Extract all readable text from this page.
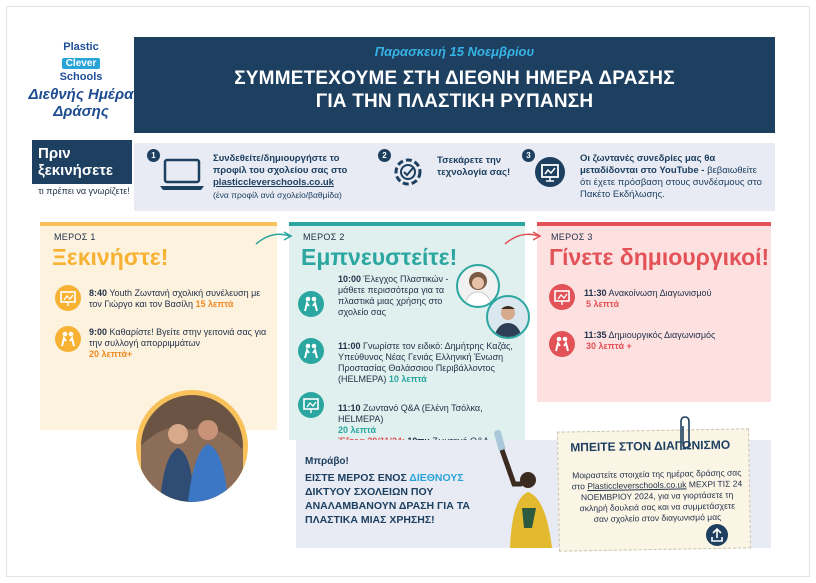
Plastic
Clever
Schools
Διεθνής Ημέρα Δράσης
Παρασκευή 15 Νοεμβρίου
ΣΥΜΜΕΤΕΧΟΥΜΕ ΣΤΗ ΔΙΕΘΝΗ ΗΜΕΡΑ ΔΡΑΣΗΣ
ΓΙΑ ΤΗΝ ΠΛΑΣΤΙΚΗ ΡΥΠΑΝΣΗ
Πριν ξεκινήσετε
τι πρέπει να γνωρίζετε!
1	Συνδεθείτε/δημιουργήστε το προφίλ του σχολείου σας στο plasticcleverschools.co.uk
(ένα προφίλ ανά σχολείο/βαθμίδα)
2	Τσεκάρετε την τεχνολογία σας!
3	Οι ζωντανές συνεδρίες μας θα μεταδίδονται στο YouTube - βεβαιωθείτε ότι έχετε πρόσβαση στους συνδέσμους στο Πακέτο Εκδήλωσης.
ΜΕΡΟΣ 1
Ξεκινήστε!
8:40 Youth Ζωντανή σχολική συνέλευση με τον Γιώργο και τον Βασίλη 15 λεπτά
9:00 Καθαρίστε! Βγείτε στην γειτονιά σας για την συλλογή απορριμμάτων
20 λεπτά+
ΜΕΡΟΣ 2
Εμπνευστείτε!
10:00 Έλεγχος Πλαστικών - μάθετε περισσότερα για τα πλαστικά μιας χρήσης στο σχολείο σας
11:00 Γνωρίστε τον ειδικό: Δημήτρης Καζάς, Υπεύθυνος Νέας Γενιάς Ελληνική Ένωση Προστασίας Θαλάσσιου Περιβάλλοντος (HELMEPA) 10 λεπτά
11:10 Ζωντανό Q&A (Ελένη Τσόλκα, HELMEPA)
20 λεπτά

ΜΕΡΟΣ 3
Γίνετε δημιουργικοί!
11:30 Ανακοίνωση Διαγωνισμού
5 λεπτά
11:35 Δημιουργικός Διαγωνισμός
30 λεπτά +
Μπράβο!
ΕΙΣΤΕ ΜΕΡΟΣ ΕΝΟΣ ΔΙΕΘΝΟΥΣ ΔΙΚΤΥΟΥ ΣΧΟΛΕΙΩΝ ΠΟΥ ΑΝΑΛΑΜΒΑΝΟΥΝ ΔΡΑΣΗ ΓΙΑ ΤΑ ΠΛΑΣΤΙΚΑ ΜΙΑΣ ΧΡΗΣΗΣ!
ΜΠΕΙΤΕ ΣΤΟΝ ΔΙΑΓΩΝΙΣΜΟ
Μοιραστείτε στοιχεία της ημέρας δράσης σας στο Plasticcleverschools.co.uk ΜΕΧΡΙ ΤΙΣ 24 ΝΟΕΜΒΡΙΟΥ 2024, για να γιορτάσετε τη σκληρή δουλειά σας και να συμμετάσχετε σαν σχολείο στον διαγωνισμό μας
